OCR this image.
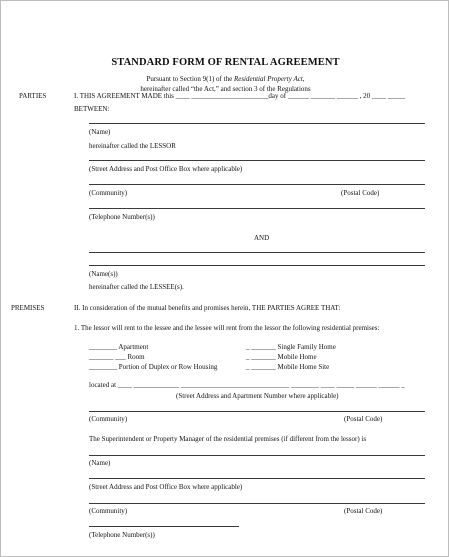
STANDARD FORM OF RENTAL AGREEMENT
Pursuant to Section 9(1) of the Residential Property Act,
hereinafter called “the Act,” and section 3 of the Regulations
PARTIES	I. THIS AGREEMENT MADE this ____ ______________________day of ______ _______ ______ , 20 ____ _____
BETWEEN:
(Name)
hereinafter called the LESSOR
(Street Address and Post Office Box where applicable)
(Community)	(Postal Code)
(Telephone Number(s))
AND
(Name(s))
hereinafter called the LESSEE(s).
PREMISES	II. In consideration of the mutual benefits and promises herein, THE PARTIES AGREE THAT:
1. The lessor will rent to the lessee and the lessee will rent from the lessor the following residential premises:
________ Apartment
_______ ___ Room
________ Portion of Duplex or Row Housing
_ _______ Single Family Home
_ _______ Mobile Home
_ _______ Mobile Home Site
located at ____ _____________ _______________________________ ________ ____ _____ ______ ______ _
(Street Address and Apartment Number where applicable)
(Community)	(Postal Code)
The Superintendent or Property Manager of the residential premises (if different from the lessor) is
(Name)
(Street Address and Post Office Box where applicable)
(Community)	(Postal Code)
(Telephone Number(s))
